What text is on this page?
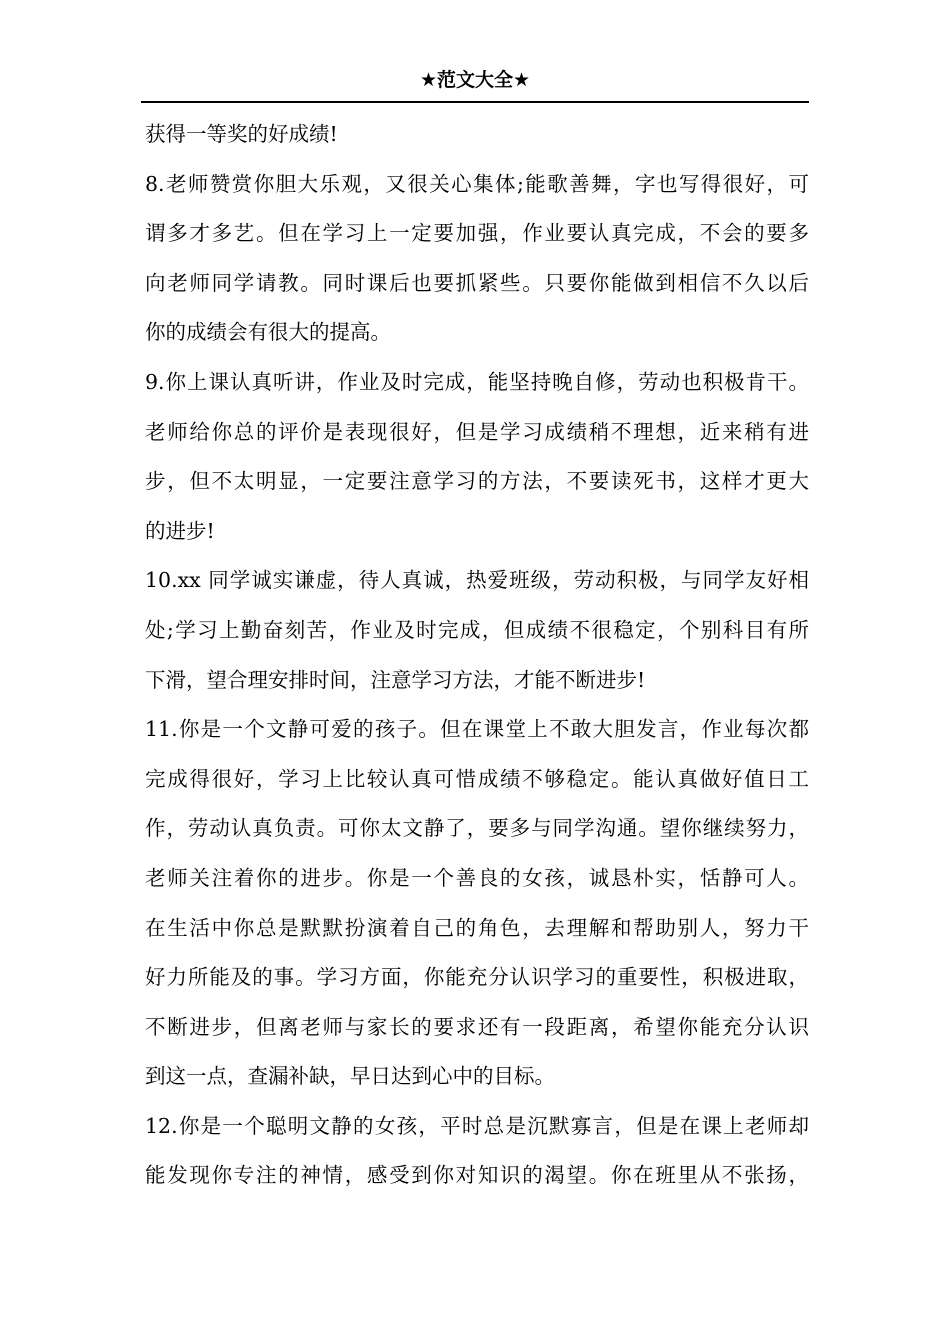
★范文大全★
获得一等奖的好成绩!
8.老师赞赏你胆大乐观，又很关心集体;能歌善舞，字也写得很好，可
谓多才多艺。但在学习上一定要加强，作业要认真完成，不会的要多
向老师同学请教。同时课后也要抓紧些。只要你能做到相信不久以后
你的成绩会有很大的提高。
9.你上课认真听讲，作业及时完成，能坚持晚自修，劳动也积极肯干。
老师给你总的评价是表现很好，但是学习成绩稍不理想，近来稍有进
步，但不太明显，一定要注意学习的方法，不要读死书，这样才更大
的进步!
10.xx 同学诚实谦虚，待人真诚，热爱班级，劳动积极，与同学友好相
处;学习上勤奋刻苦，作业及时完成，但成绩不很稳定，个别科目有所
下滑，望合理安排时间，注意学习方法，才能不断进步!
11.你是一个文静可爱的孩子。但在课堂上不敢大胆发言，作业每次都
完成得很好，学习上比较认真可惜成绩不够稳定。能认真做好值日工
作，劳动认真负责。可你太文静了，要多与同学沟通。望你继续努力，
老师关注着你的进步。你是一个善良的女孩，诚恳朴实，恬静可人。
在生活中你总是默默扮演着自己的角色，去理解和帮助别人，努力干
好力所能及的事。学习方面，你能充分认识学习的重要性，积极进取，
不断进步，但离老师与家长的要求还有一段距离，希望你能充分认识
到这一点，查漏补缺，早日达到心中的目标。
12.你是一个聪明文静的女孩，平时总是沉默寡言，但是在课上老师却
能发现你专注的神情，感受到你对知识的渴望。你在班里从不张扬，
